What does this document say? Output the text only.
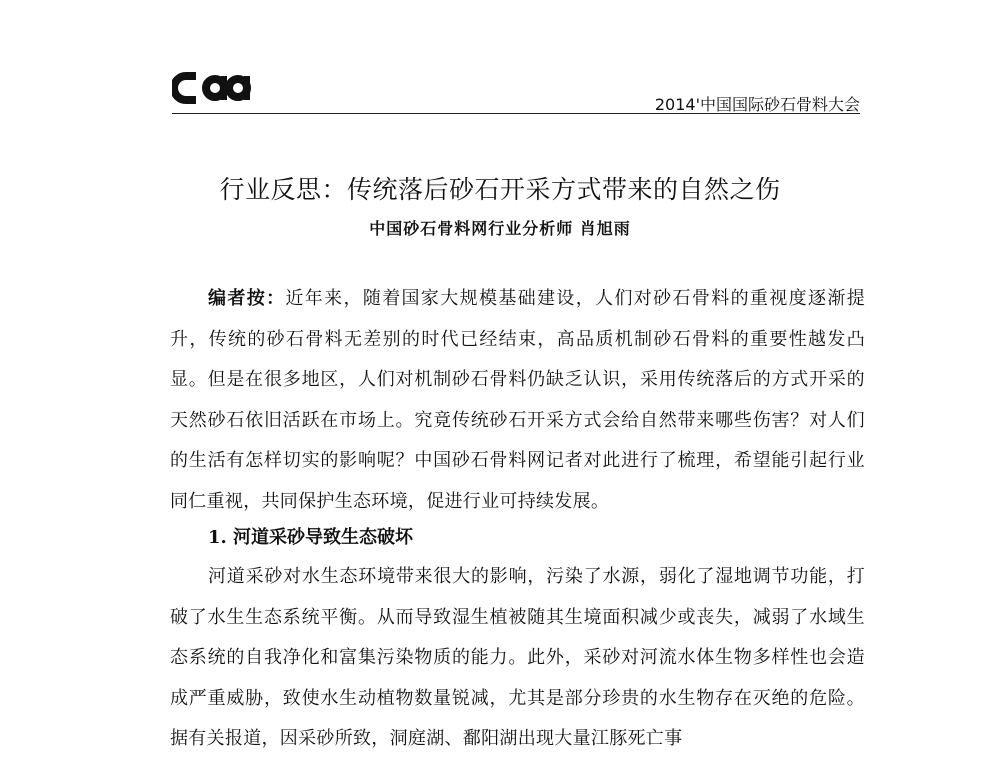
2014'中国国际砂石骨料大会
行业反思：传统落后砂石开采方式带来的自然之伤
中国砂石骨料网行业分析师 肖旭雨
编者按：近年来，随着国家大规模基础建设，人们对砂石骨料的重视度逐渐提升，传统的砂石骨料无差别的时代已经结束，高品质机制砂石骨料的重要性越发凸显。但是在很多地区，人们对机制砂石骨料仍缺乏认识，采用传统落后的方式开采的天然砂石依旧活跃在市场上。究竟传统砂石开采方式会给自然带来哪些伤害？对人们的生活有怎样切实的影响呢？中国砂石骨料网记者对此进行了梳理，希望能引起行业同仁重视，共同保护生态环境，促进行业可持续发展。
1. 河道采砂导致生态破坏
河道采砂对水生态环境带来很大的影响，污染了水源，弱化了湿地调节功能，打破了水生生态系统平衡。从而导致湿生植被随其生境面积减少或丧失，减弱了水域生态系统的自我净化和富集污染物质的能力。此外，采砂对河流水体生物多样性也会造成严重威胁，致使水生动植物数量锐减，尤其是部分珍贵的水生物存在灭绝的危险。据有关报道，因采砂所致，洞庭湖、鄱阳湖出现大量江豚死亡事
